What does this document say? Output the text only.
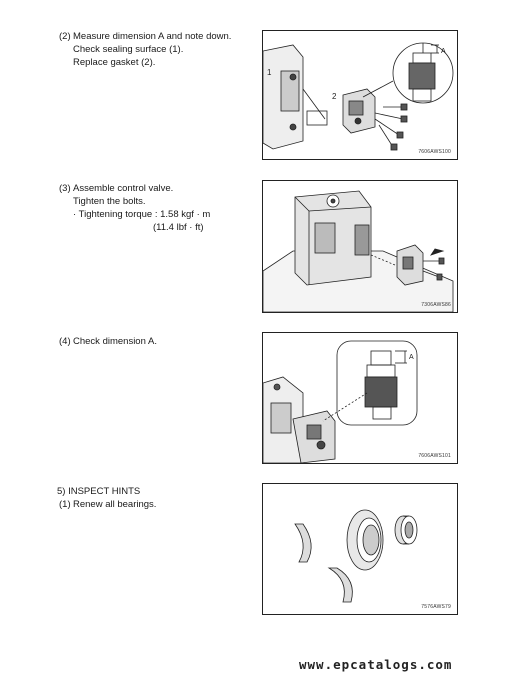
(2) Measure dimension A and note down.
Check sealing surface (1).
Replace gasket (2).
1
2
A
7606AWS100
(3) Assemble control valve.
Tighten the bolts.
· Tightening torque : 1.58 kgf · m
(11.4 lbf · ft)
7306AWS86
(4) Check dimension A.
A
7606AWS101
5) INSPECT HINTS
(1) Renew all bearings.
7576AWS79
www.epcatalogs.com
